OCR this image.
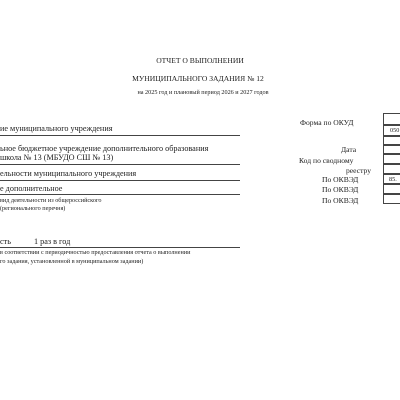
ОТЧЕТ О ВЫПОЛНЕНИИ
МУНИЦИПАЛЬНОГО ЗАДАНИЯ № 12
на 2025 год и плановый период 2026 и 2027 годов
ие муниципального учреждения
ьное бюджетное учреждение дополнительного образования
школа № 13 (МБУДО СШ № 13)
ельности муниципального учреждения
е дополнительное
вид деятельности из общероссийского
(регионального перечня)
сть	1 раз в год
в соответствии с периодичностью предоставления отчета о выполнении
го задания, установленной в муниципальном задании)
Форма по ОКУД
Дата
Код по сводному
реестру
По ОКВЭД
По ОКВЭД
По ОКВЭД
050
85.
